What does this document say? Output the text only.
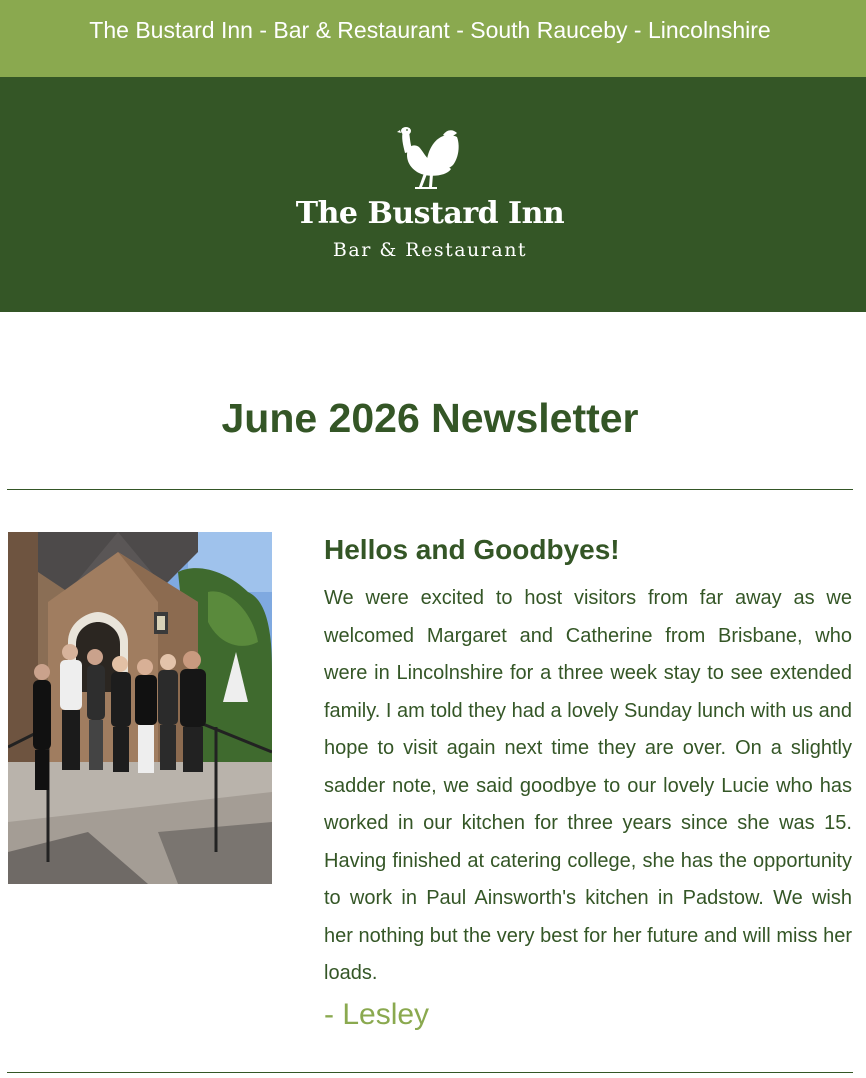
The Bustard Inn - Bar & Restaurant - South Rauceby - Lincolnshire
The Bustard Inn
Bar & Restaurant
June 2026 Newsletter
Hellos and Goodbyes!
We were excited to host visitors from far away as we welcomed Margaret and Catherine from Brisbane, who were in Lincolnshire for a three week stay to see extended family. I am told they had a lovely Sunday lunch with us and hope to visit again next time they are over. On a slightly sadder note, we said goodbye to our lovely Lucie who has worked in our kitchen for three years since she was 15. Having finished at catering college, she has the opportunity to work in Paul Ainsworth's kitchen in Padstow. We wish her nothing but the very best for her future and will miss her loads.
- Lesley
